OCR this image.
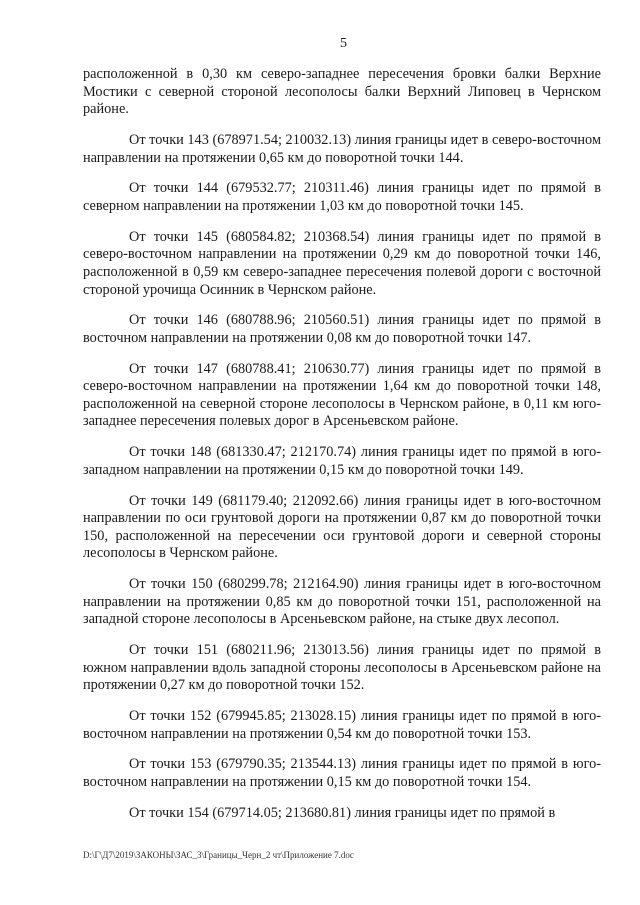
5

расположенной в 0,30 км северо-западнее пересечения бровки балки Верхние Мостики с северной стороной лесополосы балки Верхний Липовец в Чернском районе.

От точки 143 (678971.54; 210032.13) линия границы идет в северо-восточном направлении на протяжении 0,65 км до поворотной точки 144.

От точки 144 (679532.77; 210311.46) линия границы идет по прямой в северном направлении на протяжении 1,03 км до поворотной точки 145.

От точки 145 (680584.82; 210368.54) линия границы идет по прямой в северо-восточном направлении на протяжении 0,29 км до поворотной точки 146, расположенной в 0,59 км северо-западнее пересечения полевой дороги с восточной стороной урочища Осинник в Чернском районе.

От точки 146 (680788.96; 210560.51) линия границы идет по прямой в восточном направлении на протяжении 0,08 км до поворотной точки 147.

От точки 147 (680788.41; 210630.77) линия границы идет по прямой в северо-восточном направлении на протяжении 1,64 км до поворотной точки 148, расположенной на северной стороне лесополосы в Чернском районе, в 0,11 км юго-западнее пересечения полевых дорог в Арсеньевском районе.

От точки 148 (681330.47; 212170.74) линия границы идет по прямой в юго-западном направлении на протяжении 0,15 км до поворотной точки 149.

От точки 149 (681179.40; 212092.66) линия границы идет в юго-восточном направлении по оси грунтовой дороги на протяжении 0,87 км до поворотной точки 150, расположенной на пересечении оси грунтовой дороги и северной стороны лесополосы в Чернском районе.

От точки 150 (680299.78; 212164.90) линия границы идет в юго-восточном направлении на протяжении 0,85 км до поворотной точки 151, расположенной на западной стороне лесополосы в Арсеньевском районе, на стыке двух лесопол.

От точки 151 (680211.96; 213013.56) линия границы идет по прямой в южном направлении вдоль западной стороны лесополосы в Арсеньевском районе на протяжении 0,27 км до поворотной точки 152.

От точки 152 (679945.85; 213028.15) линия границы идет по прямой в юго-восточном направлении на протяжении 0,54 км до поворотной точки 153.

От точки 153 (679790.35; 213544.13) линия границы идет по прямой в юго-восточном направлении на протяжении 0,15 км до поворотной точки 154.

От точки 154 (679714.05; 213680.81) линия границы идет по прямой в

D:\Г\Д7\2019\ЗАКОНЫ\ЗАС_3\Границы_Черн_2 чт\Приложение 7.doc
